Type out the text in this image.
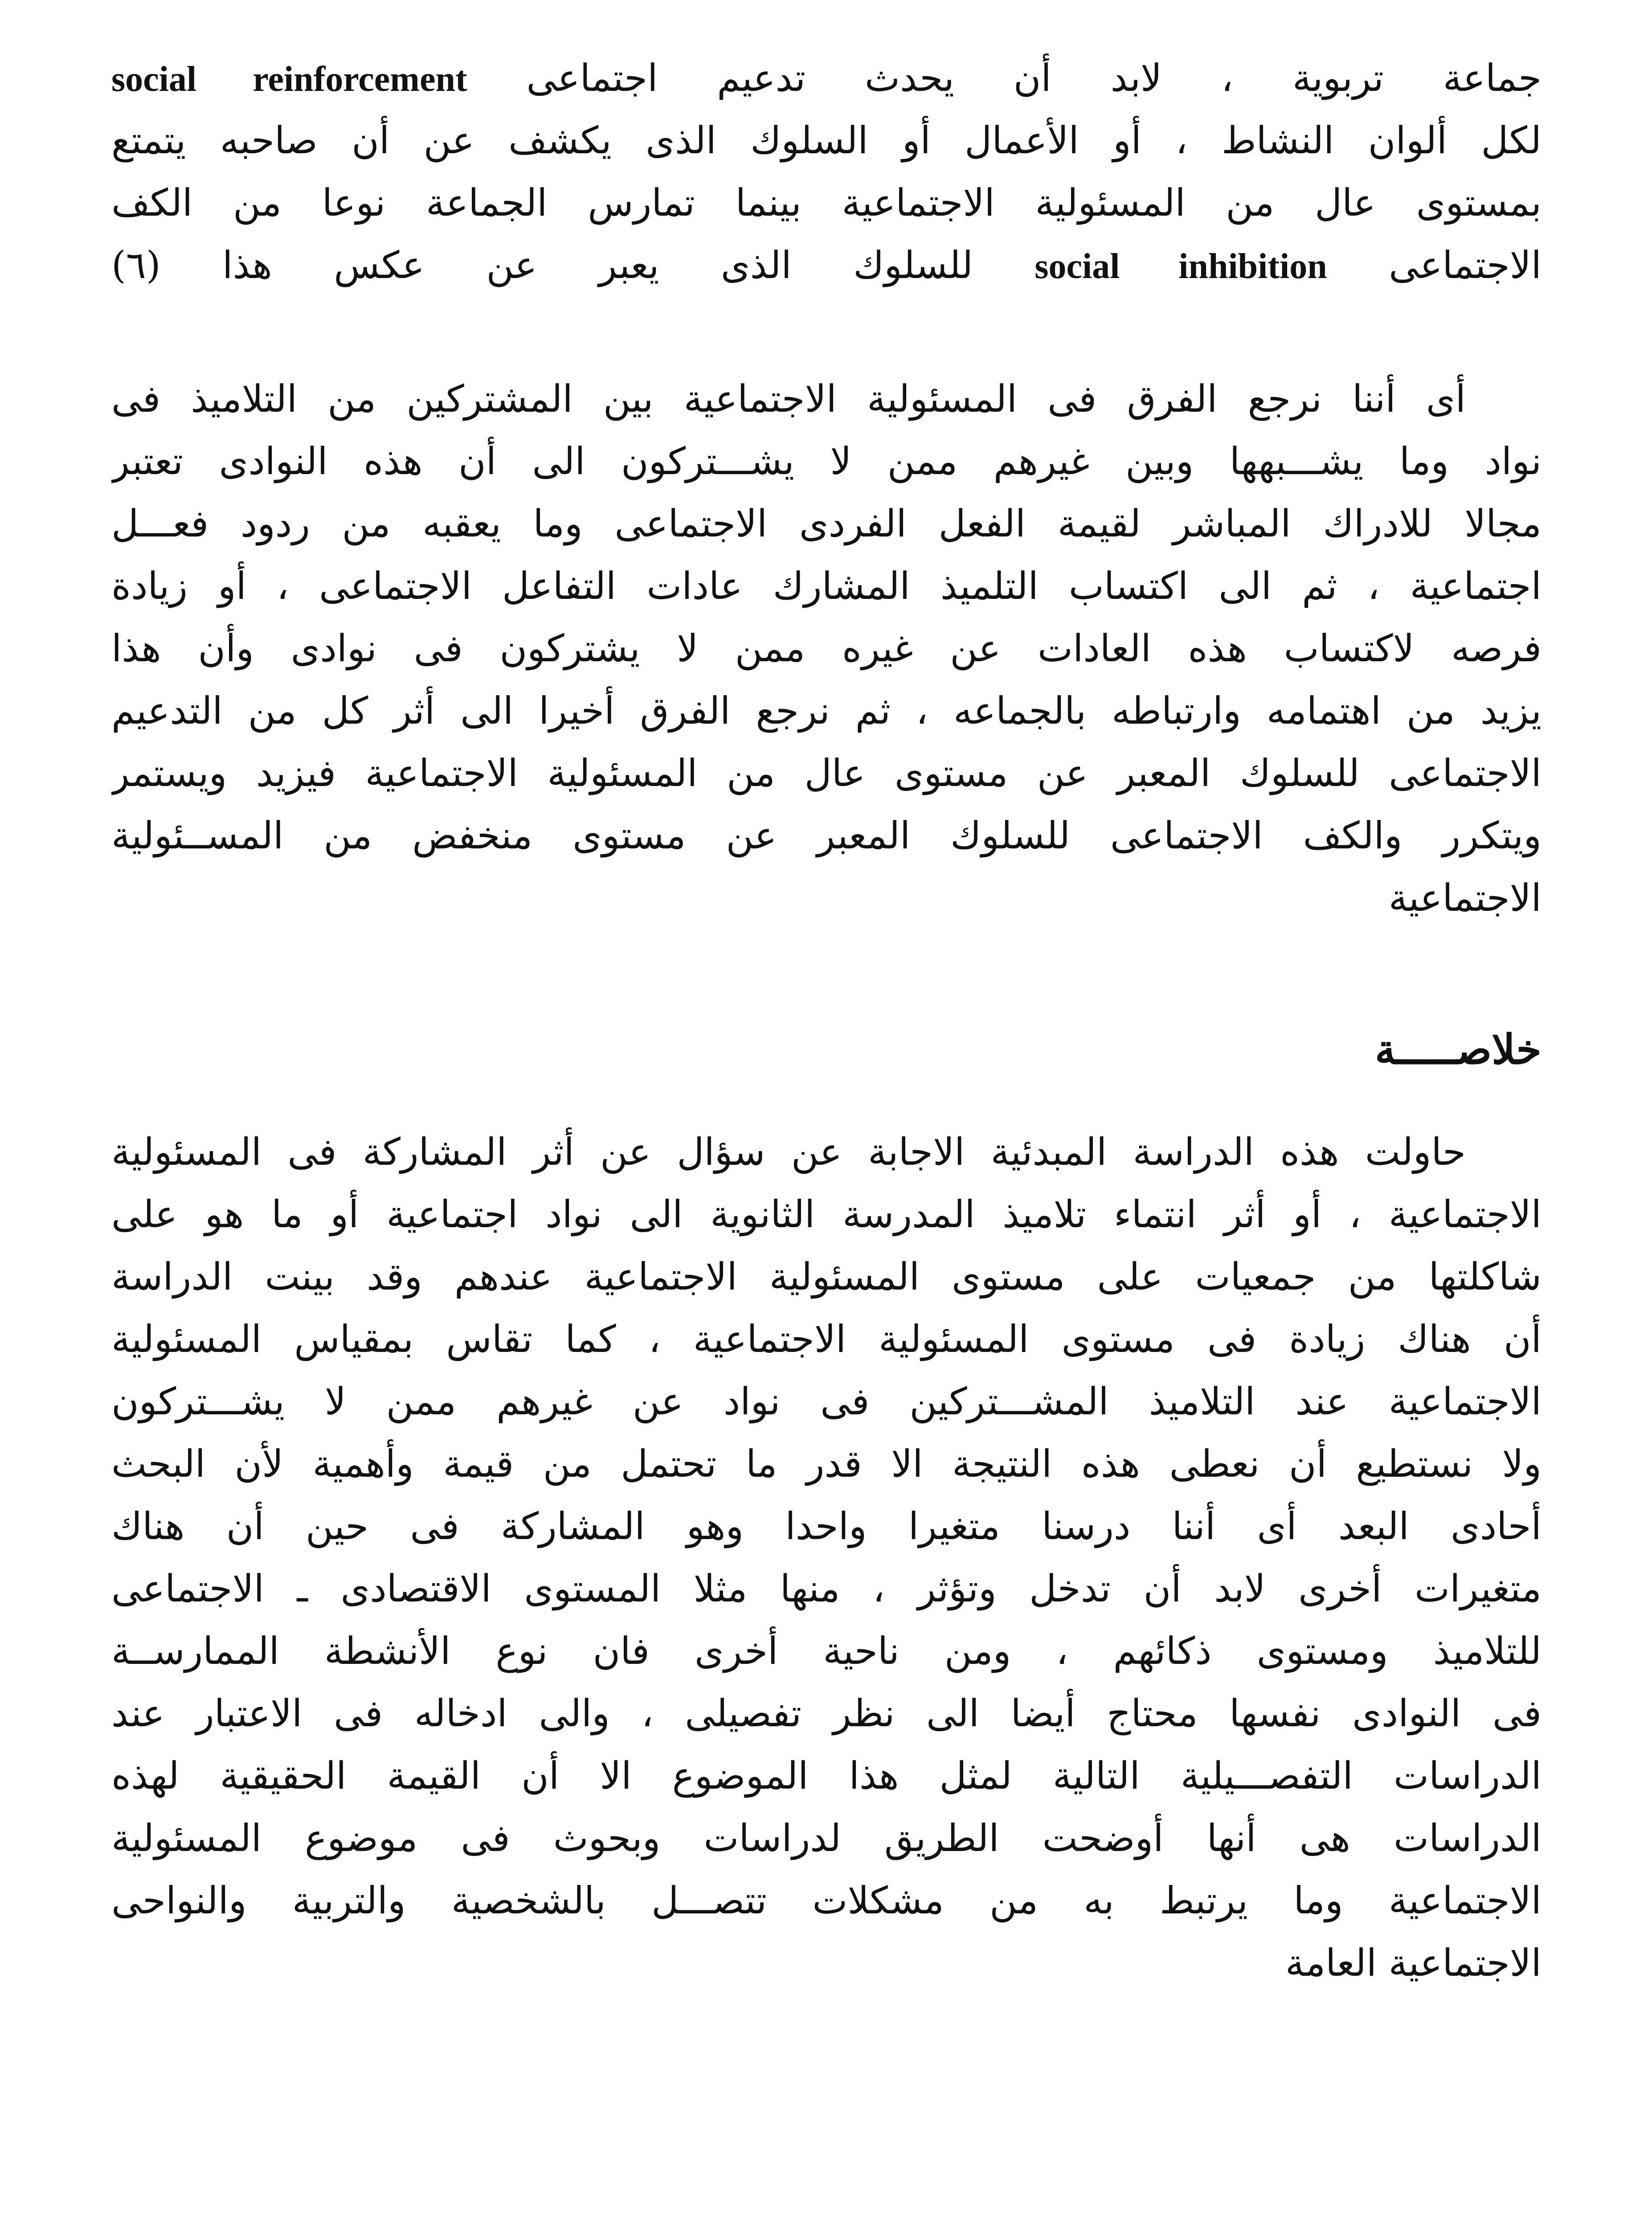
جماعة تربوية ، لابد أن يحدث تدعيم اجتماعى social reinforcement
لكل ألوان النشاط ، أو الأعمال أو السلوك الذى يكشف عن أن صاحبه يتمتع
بمستوى عال من المسئولية الاجتماعية بينما تمارس الجماعة نوعا من الكف
الاجتماعى social inhibition للسلوك الذى يعبر عن عكس هذا (٦)
أى أننا نرجع الفرق فى المسئولية الاجتماعية بين المشتركين من التلاميذ فى
نواد وما يشـــبهها وبين غيرهم ممن لا يشـــتركون الى أن هذه النوادى تعتبر
مجالا للادراك المباشر لقيمة الفعل الفردى الاجتماعى وما يعقبه من ردود فعـــل
اجتماعية ، ثم الى اكتساب التلميذ المشارك عادات التفاعل الاجتماعى ، أو زيادة
فرصه لاكتساب هذه العادات عن غيره ممن لا يشتركون فى نوادى وأن هذا
يزيد من اهتمامه وارتباطه بالجماعه ، ثم نرجع الفرق أخيرا الى أثر كل من التدعيم
الاجتماعى للسلوك المعبر عن مستوى عال من المسئولية الاجتماعية فيزيد ويستمر
ويتكرر والكف الاجتماعى للسلوك المعبر عن مستوى منخفض من المســئولية
الاجتماعية
خلاصـــــة
حاولت هذه الدراسة المبدئية الاجابة عن سؤال عن أثر المشاركة فى المسئولية
الاجتماعية ، أو أثر انتماء تلاميذ المدرسة الثانوية الى نواد اجتماعية أو ما هو على
شاكلتها من جمعيات على مستوى المسئولية الاجتماعية عندهم وقد بينت الدراسة
أن هناك زيادة فى مستوى المسئولية الاجتماعية ، كما تقاس بمقياس المسئولية
الاجتماعية عند التلاميذ المشـــتركين فى نواد عن غيرهم ممن لا يشـــتركون
ولا نستطيع أن نعطى هذه النتيجة الا قدر ما تحتمل من قيمة وأهمية لأن البحث
أحادى البعد أى أننا درسنا متغيرا واحدا وهو المشاركة فى حين أن هناك
متغيرات أخرى لابد أن تدخل وتؤثر ، منها مثلا المستوى الاقتصادى ـ الاجتماعى
للتلاميذ ومستوى ذكائهم ، ومن ناحية أخرى فان نوع الأنشطة الممارســة
فى النوادى نفسها محتاج أيضا الى نظر تفصيلى ، والى ادخاله فى الاعتبار عند
الدراسات التفصـــيلية التالية لمثل هذا الموضوع الا أن القيمة الحقيقية لهذه
الدراسات هى أنها أوضحت الطريق لدراسات وبحوث فى موضوع المسئولية
الاجتماعية وما يرتبط به من مشكلات تتصـــل بالشخصية والتربية والنواحى
الاجتماعية العامة
